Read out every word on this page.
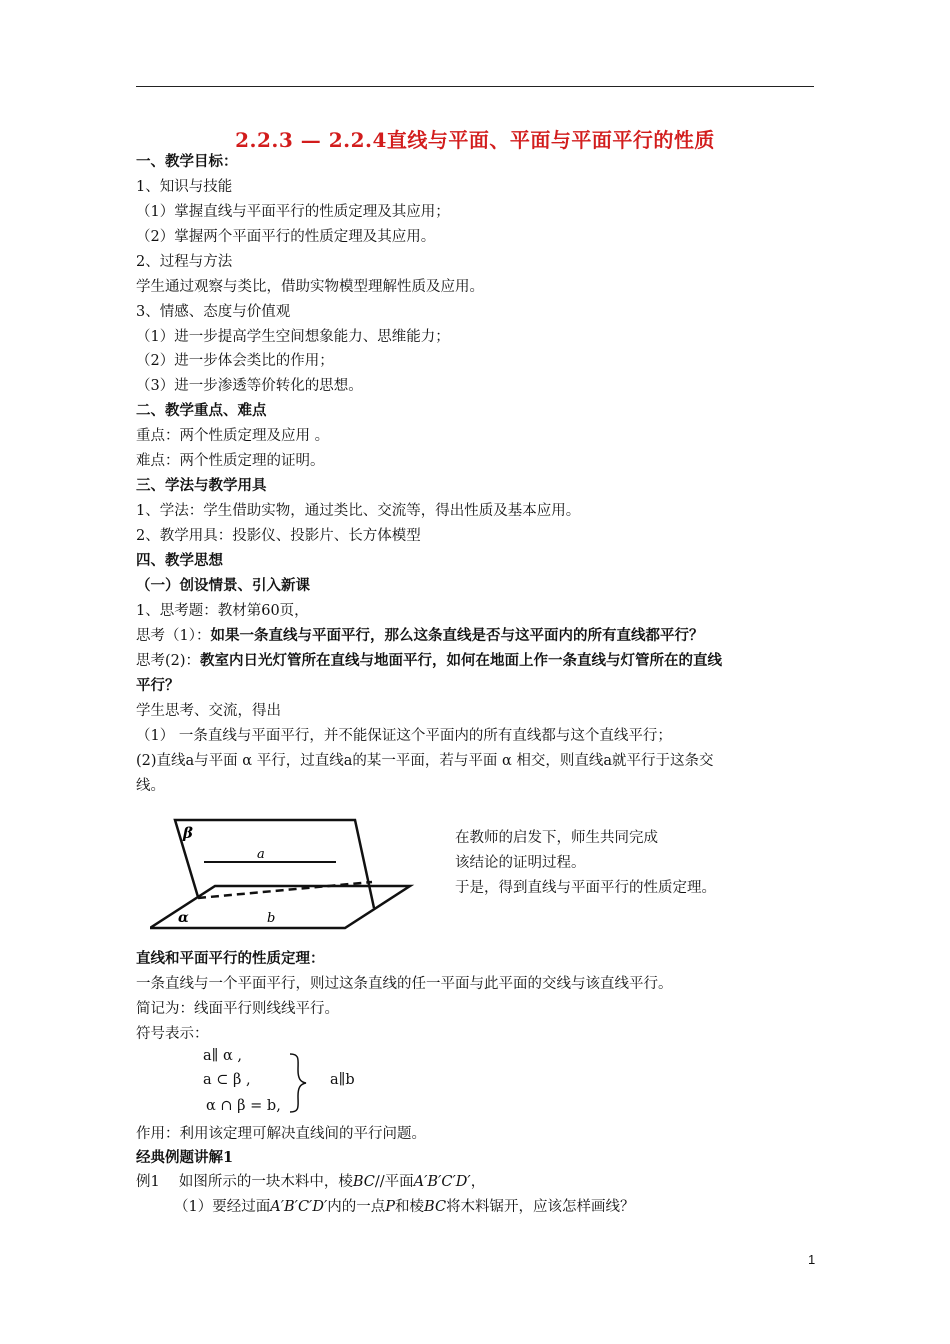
2.2.3 — 2.2.4直线与平面、平面与平面平行的性质
一、教学目标：
1、知识与技能
（1）掌握直线与平面平行的性质定理及其应用；
（2）掌握两个平面平行的性质定理及其应用。
2、过程与方法
学生通过观察与类比，借助实物模型理解性质及应用。
3、情感、态度与价值观
（1）进一步提高学生空间想象能力、思维能力；
（2）进一步体会类比的作用；
（3）进一步渗透等价转化的思想。
二、教学重点、难点
重点：两个性质定理及应用 。
难点：两个性质定理的证明。
三、学法与教学用具
1、学法：学生借助实物，通过类比、交流等，得出性质及基本应用。
2、教学用具：投影仪、投影片、长方体模型
四、教学思想
（一）创设情景、引入新课
1、思考题：教材第60页，
思考（1）：如果一条直线与平面平行，那么这条直线是否与这平面内的所有直线都平行？
思考(2)：教室内日光灯管所在直线与地面平行，如何在地面上作一条直线与灯管所在的直线
平行？
学生思考、交流，得出
（1） 一条直线与平面平行，并不能保证这个平面内的所有直线都与这个直线平行；
(2)直线a与平面 α 平行，过直线a的某一平面，若与平面 α 相交，则直线a就平行于这条交
线。
β
a
α	b
在教师的启发下，师生共同完成
该结论的证明过程。
于是，得到直线与平面平行的性质定理。
直线和平面平行的性质定理：
一条直线与一个平面平行，则过这条直线的任一平面与此平面的交线与该直线平行。
简记为：线面平行则线线平行。
符号表示：
a∥ α ,
a ⊂ β ,
α ∩ β = b,
a∥b
作用：利用该定理可解决直线间的平行问题。
经典例题讲解1
例1　 如图所示的一块木料中，棱BC//平面A′B′C′D′，
（1）要经过面A′B′C′D′内的一点P和棱BC将木料锯开，应该怎样画线？
1
